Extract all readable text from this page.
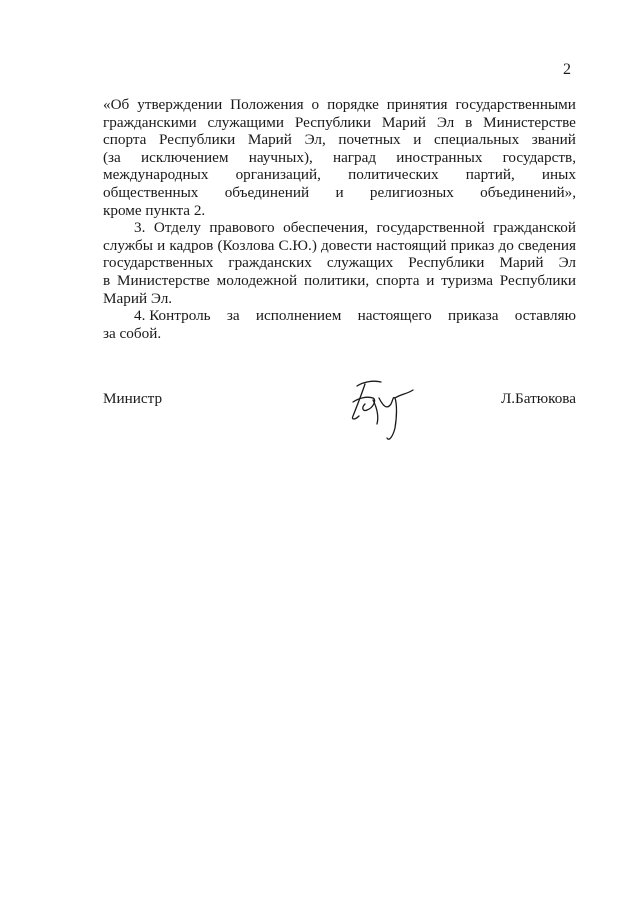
2
«Об утверждении Положения о порядке принятия государственными
гражданскими служащими Республики Марий Эл в Министерстве
спорта Республики Марий Эл, почетных и специальных званий
(за исключением научных), наград иностранных государств,
международных организаций, политических партий, иных
общественных объединений и религиозных объединений»,
кроме пункта 2.
3. Отделу правового обеспечения, государственной гражданской
службы и кадров (Козлова С.Ю.) довести настоящий приказ до сведения
государственных гражданских служащих Республики Марий Эл
в Министерстве молодежной политики, спорта и туризма Республики
Марий Эл.
4. Контроль за исполнением настоящего приказа оставляю
за собой.
Министр	Л.Батюкова
